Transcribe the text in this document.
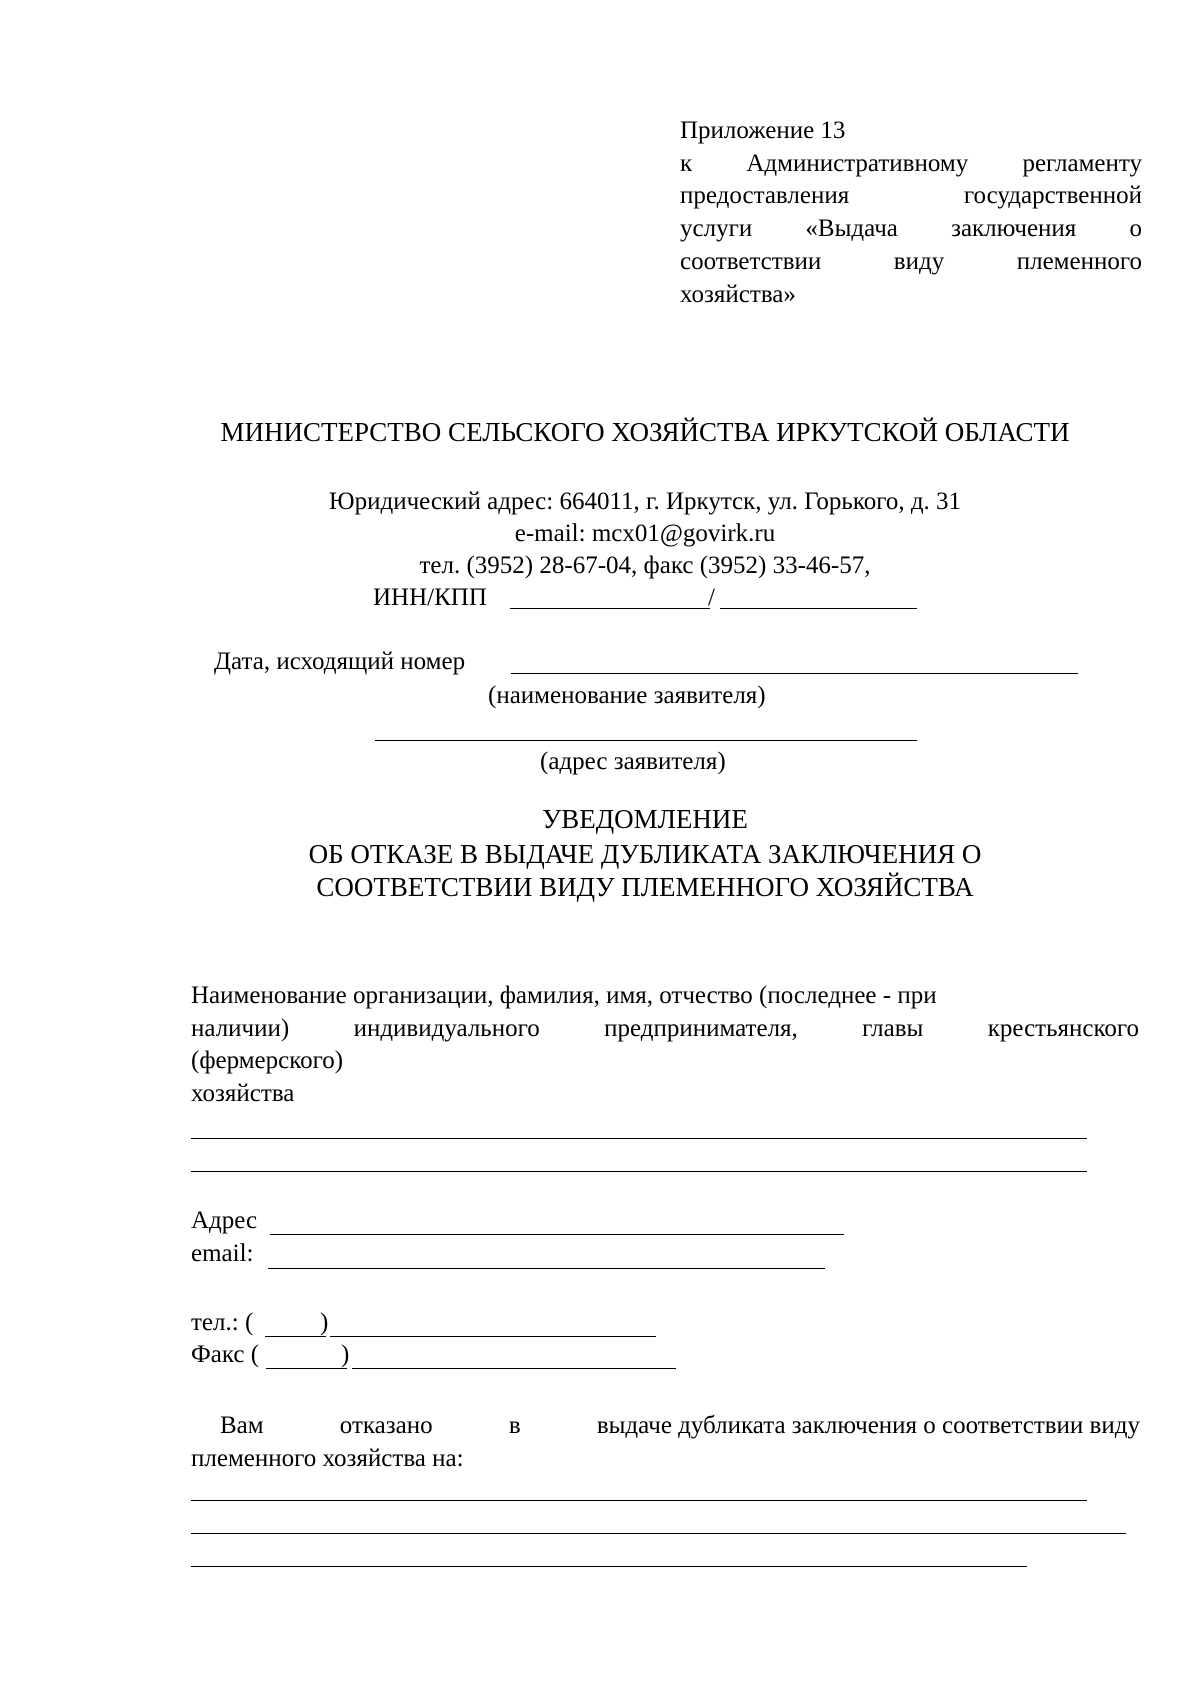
Приложение 13
к Административному регламенту
предоставления	государственной
услуги «Выдача заключения о
соответствии	виду	племенного
хозяйства»
МИНИСТЕРСТВО СЕЛЬСКОГО ХОЗЯЙСТВА ИРКУТСКОЙ ОБЛАСТИ
Юридический адрес: 664011, г. Иркутск, ул. Горького, д. 31
e-mail: mcx01@govirk.ru
тел. (3952) 28-67-04, факс (3952) 33-46-57,
ИНН/КПП	/
Дата, исходящий номер
(наименование заявителя)
(адрес заявителя)
УВЕДОМЛЕНИЕ
ОБ ОТКАЗЕ В ВЫДАЧЕ ДУБЛИКАТА ЗАКЛЮЧЕНИЯ О
СООТВЕТСТВИИ ВИДУ ПЛЕМЕННОГО ХОЗЯЙСТВА
Наименование организации, фамилия, имя, отчество (последнее - при
наличии)	индивидуального	предпринимателя,	главы	крестьянского
(фермерского)
хозяйства
Адрес
email:
тел.: (	)
Факс (	)
Вам	отказано	в	выдаче дубликата заключения о соответствии виду
племенного хозяйства на:
